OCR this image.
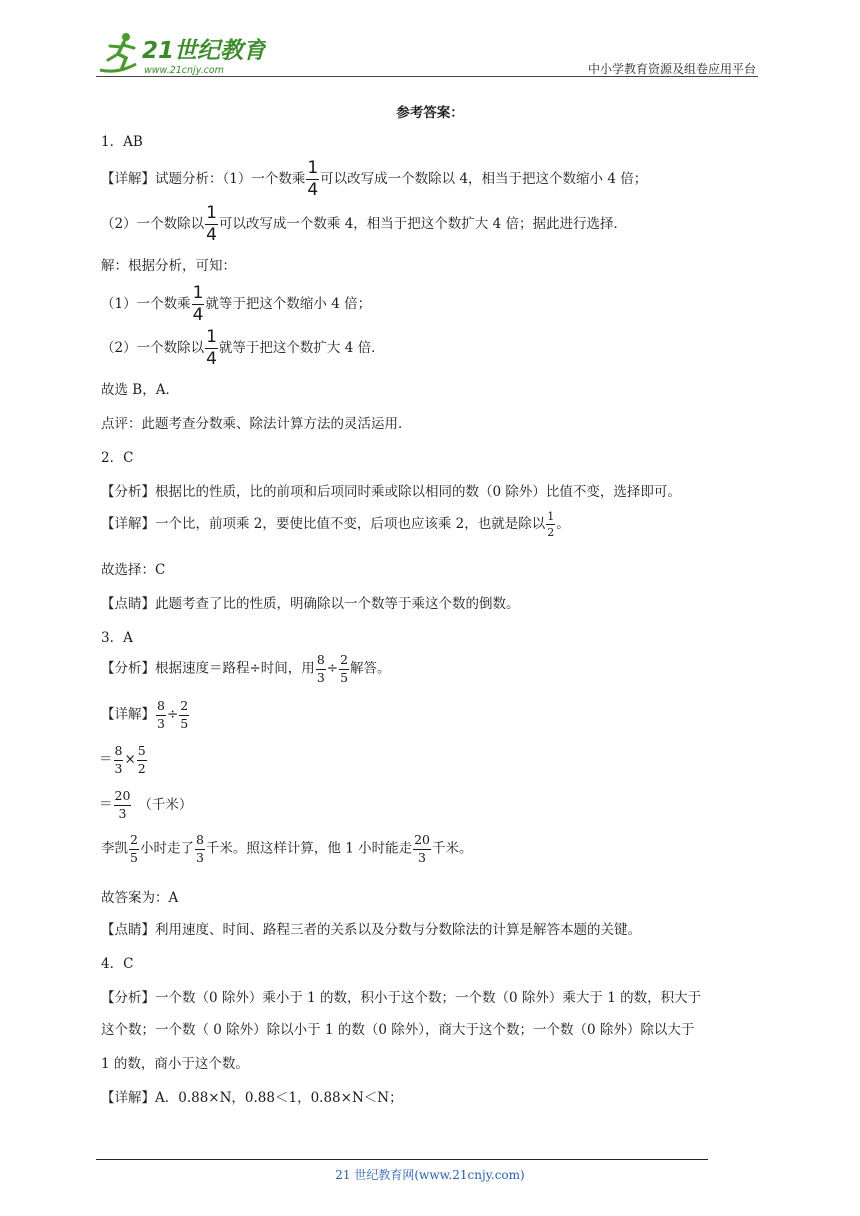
21世纪教育
www.21cnjy.com	中小学教育资源及组卷应用平台
参考答案：
1．AB
【详解】试题分析：（1）一个数乘 $\frac{1}{4}$ 可以改写成一个数除以 4，相当于把这个数缩小 4 倍；
（2）一个数除以 $\frac{1}{4}$ 可以改写成一个数乘 4，相当于把这个数扩大 4 倍；据此进行选择．
解：根据分析，可知：
（1）一个数乘 $\frac{1}{4}$ 就等于把这个数缩小 4 倍；
（2）一个数除以 $\frac{1}{4}$ 就等于把这个数扩大 4 倍．
故选 B，A．
点评：此题考查分数乘、除法计算方法的灵活运用．
2．C
【分析】根据比的性质，比的前项和后项同时乘或除以相同的数（0 除外）比值不变，选择即可。
【详解】一个比，前项乘 2，要使比值不变，后项也应该乘 2，也就是除以 $\frac{1}{2}$ 。
故选择：C
【点睛】此题考查了比的性质，明确除以一个数等于乘这个数的倒数。
3．A
【分析】根据速度＝路程÷时间，用 $\frac{8}{3} \div \frac{2}{5}$ 解答。
【详解】 $\frac{8}{3} \div \frac{2}{5}$
＝ $\frac{8}{3} \times \frac{5}{2}$
＝ $\frac{20}{3}$ （千米）
李凯 $\frac{2}{5}$ 小时走了 $\frac{8}{3}$ 千米。照这样计算，他 1 小时能走 $\frac{20}{3}$ 千米。
故答案为：A
【点睛】利用速度、时间、路程三者的关系以及分数与分数除法的计算是解答本题的关键。
4．C
【分析】一个数（0 除外）乘小于 1 的数，积小于这个数；一个数（0 除外）乘大于 1 的数，积大于
这个数；一个数（ 0 除外）除以小于 1 的数（0 除外），商大于这个数；一个数（0 除外）除以大于
1 的数，商小于这个数。
【详解】A．0.88×N，0.88＜1，0.88×N＜N；
21 世纪教育网(www.21cnjy.com)
